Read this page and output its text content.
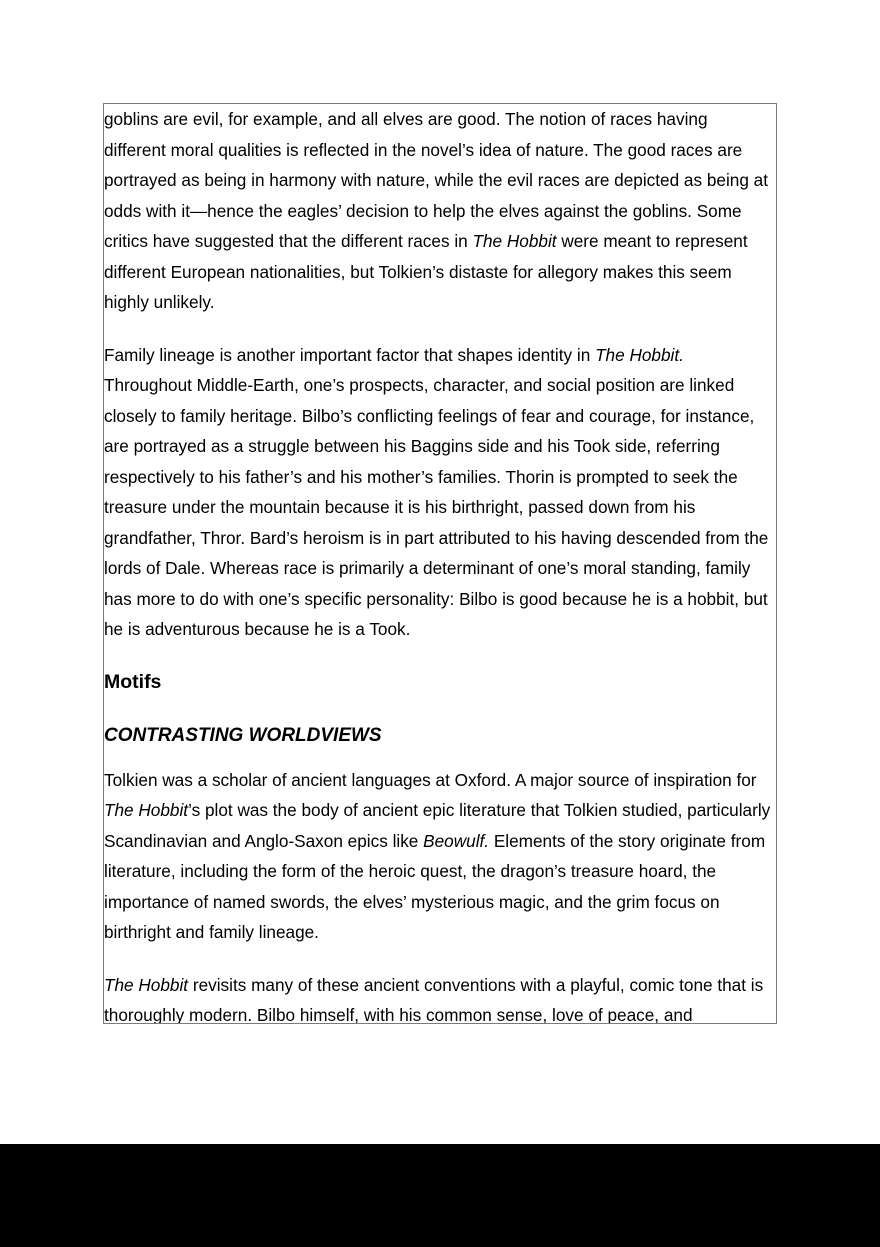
goblins are evil, for example, and all elves are good. The notion of races having
different moral qualities is reflected in the novel’s idea of nature. The good races are
portrayed as being in harmony with nature, while the evil races are depicted as being at
odds with it—hence the eagles’ decision to help the elves against the goblins. Some
critics have suggested that the different races in The Hobbit were meant to represent
different European nationalities, but Tolkien’s distaste for allegory makes this seem
highly unlikely.
Family lineage is another important factor that shapes identity in The Hobbit.
Throughout Middle-Earth, one’s prospects, character, and social position are linked
closely to family heritage. Bilbo’s conflicting feelings of fear and courage, for instance,
are portrayed as a struggle between his Baggins side and his Took side, referring
respectively to his father’s and his mother’s families. Thorin is prompted to seek the
treasure under the mountain because it is his birthright, passed down from his
grandfather, Thror. Bard’s heroism is in part attributed to his having descended from the
lords of Dale. Whereas race is primarily a determinant of one’s moral standing, family
has more to do with one’s specific personality: Bilbo is good because he is a hobbit, but
he is adventurous because he is a Took.
Motifs
CONTRASTING WORLDVIEWS
Tolkien was a scholar of ancient languages at Oxford. A major source of inspiration for
The Hobbit’s plot was the body of ancient epic literature that Tolkien studied, particularly
Scandinavian and Anglo-Saxon epics like Beowulf. Elements of the story originate from
literature, including the form of the heroic quest, the dragon’s treasure hoard, the
importance of named swords, the elves’ mysterious magic, and the grim focus on
birthright and family lineage.
The Hobbit revisits many of these ancient conventions with a playful, comic tone that is
thoroughly modern. Bilbo himself, with his common sense, love of peace, and
